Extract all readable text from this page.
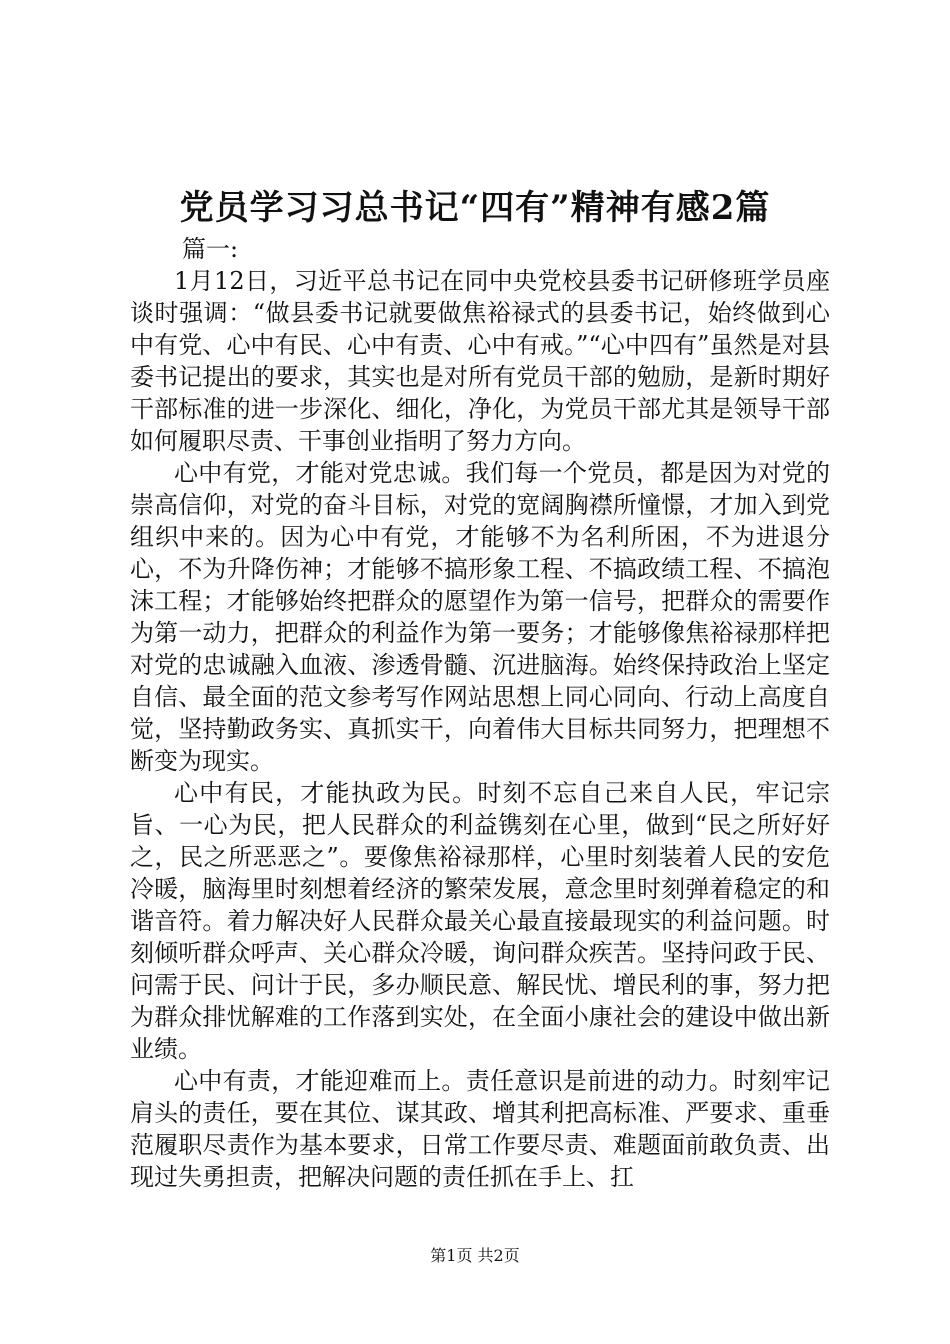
党员学习习总书记“四有”精神有感2篇
篇一:

1月12日，习近平总书记在同中央党校县委书记研修班学员座谈时强调：“做县委书记就要做焦裕禄式的县委书记，始终做到心中有党、心中有民、心中有责、心中有戒。”“心中四有”虽然是对县委书记提出的要求，其实也是对所有党员干部的勉励，是新时期好干部标准的进一步深化、细化，净化，为党员干部尤其是领导干部如何履职尽责、干事创业指明了努力方向。

心中有党，才能对党忠诚。我们每一个党员，都是因为对党的崇高信仰，对党的奋斗目标，对党的宽阔胸襟所憧憬，才加入到党组织中来的。因为心中有党，才能够不为名利所困，不为进退分心，不为升降伤神；才能够不搞形象工程、不搞政绩工程、不搞泡沫工程；才能够始终把群众的愿望作为第一信号，把群众的需要作为第一动力，把群众的利益作为第一要务；才能够像焦裕禄那样把对党的忠诚融入血液、渗透骨髓、沉进脑海。始终保持政治上坚定自信、最全面的范文参考写作网站思想上同心同向、行动上高度自觉，坚持勤政务实、真抓实干，向着伟大目标共同努力，把理想不断变为现实。

心中有民，才能执政为民。时刻不忘自己来自人民，牢记宗旨、一心为民，把人民群众的利益镌刻在心里，做到“民之所好好之，民之所恶恶之”。要像焦裕禄那样，心里时刻装着人民的安危冷暖，脑海里时刻想着经济的繁荣发展，意念里时刻弹着稳定的和谐音符。着力解决好人民群众最关心最直接最现实的利益问题。时刻倾听群众呼声、关心群众冷暖，询问群众疾苦。坚持问政于民、问需于民、问计于民，多办顺民意、解民忧、增民利的事，努力把为群众排忧解难的工作落到实处，在全面小康社会的建设中做出新业绩。

心中有责，才能迎难而上。责任意识是前进的动力。时刻牢记肩头的责任，要在其位、谋其政、增其利把高标准、严要求、重垂范履职尽责作为基本要求，日常工作要尽责、难题面前敢负责、出现过失勇担责，把解决问题的责任抓在手上、扛

第1页 共2页
